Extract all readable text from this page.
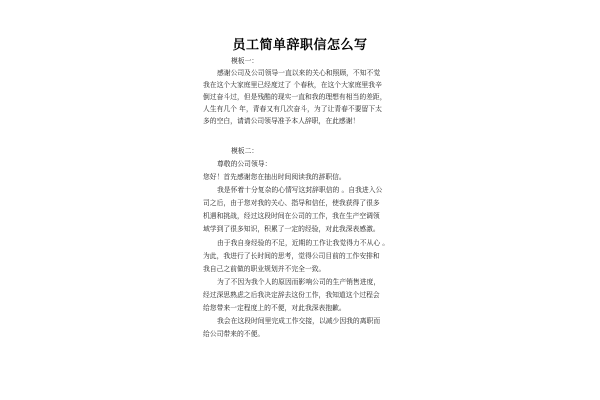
员工简单辞职信怎么写
模板一：

感谢公司及公司领导一直以来的关心和照顾，不知不觉

我在这个大家庭里已经度过了 个春秋，在这个大家庭里我辛

倒过奋斗过，但是残酷的现实一直和我的理想有相当的差距，

人生有几个 年，青春又有几次奋斗，为了让青春不要留下太

多的空白，请请公司领导准予本人辞职，在此感谢！

模板二：

尊敬的公司领导：

您好！首先感谢您在抽出时间阅读我的辞职信。

我是怀着十分复杂的心情写这封辞职信的 。自我进入公

司之后，由于您对我的关心、指导和信任，使我获得了很多

机遇和挑战，经过这段时间在公司的工作，我在生产空调领

域学到了很多知识，积累了一定的经验，对此我深表感激。

由于我自身经验的不足，近期的工作让我觉得力不从心 。

为此，我进行了长时间的思考，觉得公司目前的工作安排和

我自己之前做的职业规划并不完全一致。

为了不因为我个人的原因而影响公司的生产销售进度，

经过深思熟虑之后我决定辞去这份工作，我知道这个过程会

给您带来一定程度上的不便，对此我深表抱歉。

我会在这段时间里完成工作交接，以减少因我的离职而

给公司带来的不便。
